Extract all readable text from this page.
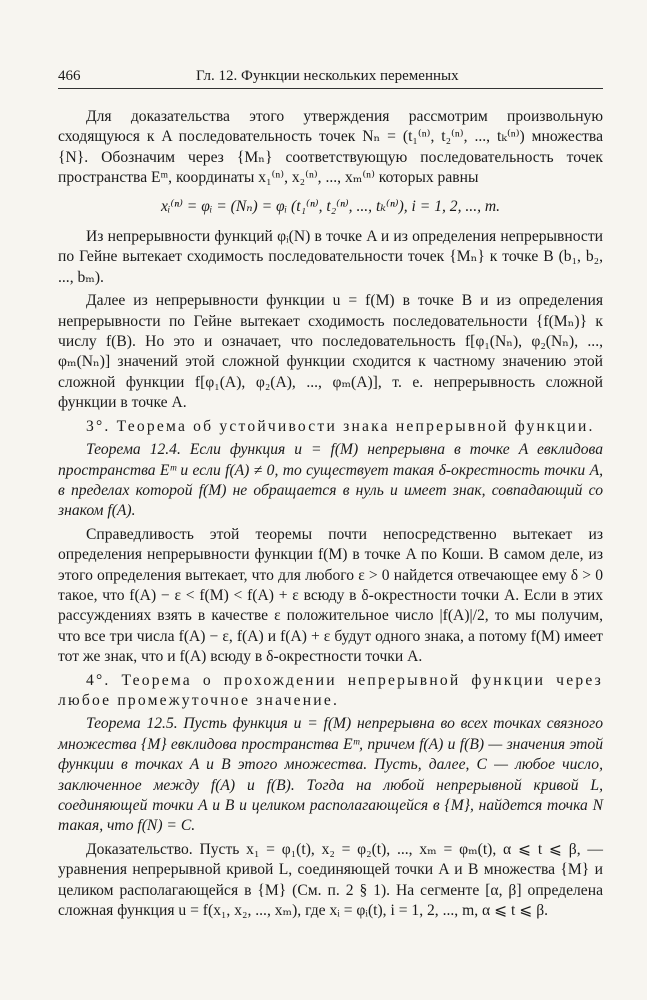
466	Гл. 12. Функции нескольких переменных

Для доказательства этого утверждения рассмотрим произвольную сходящуюся к A последовательность точек Nₙ = (t₁⁽ⁿ⁾, t₂⁽ⁿ⁾, ..., tₖ⁽ⁿ⁾) множества {N}. Обозначим через {Mₙ} соответствующую последовательность точек пространства Eᵐ, координаты x₁⁽ⁿ⁾, x₂⁽ⁿ⁾, ..., xₘ⁽ⁿ⁾ которых равны

xᵢ⁽ⁿ⁾ = φᵢ = (Nₙ) = φᵢ (t₁⁽ⁿ⁾, t₂⁽ⁿ⁾, ..., tₖ⁽ⁿ⁾), i = 1, 2, ..., m.

Из непрерывности функций φᵢ(N) в точке A и из определения непрерывности по Гейне вытекает сходимость последовательности точек {Mₙ} к точке B (b₁, b₂, ..., bₘ).

Далее из непрерывности функции u = f(M) в точке B и из определения непрерывности по Гейне вытекает сходимость последовательности {f(Mₙ)} к числу f(B). Но это и означает, что последовательность f[φ₁(Nₙ), φ₂(Nₙ), ..., φₘ(Nₙ)] значений этой сложной функции сходится к частному значению этой сложной функции f[φ₁(A), φ₂(A), ..., φₘ(A)], т. е. непрерывность сложной функции в точке A.

3°. Теорема об устойчивости знака непрерывной функции.

Теорема 12.4. Если функция u = f(M) непрерывна в точке A евклидова пространства Eᵐ и если f(A) ≠ 0, то существует такая δ-окрестность точки A, в пределах которой f(M) не обращается в нуль и имеет знак, совпадающий со знаком f(A).

Справедливость этой теоремы почти непосредственно вытекает из определения непрерывности функции f(M) в точке A по Коши. В самом деле, из этого определения вытекает, что для любого ε > 0 найдется отвечающее ему δ > 0 такое, что f(A) − ε < f(M) < f(A) + ε всюду в δ-окрестности точки A. Если в этих рассуждениях взять в качестве ε положительное число |f(A)|/2, то мы получим, что все три числа f(A) − ε, f(A) и f(A) + ε будут одного знака, а потому f(M) имеет тот же знак, что и f(A) всюду в δ-окрестности точки A.

4°. Теорема о прохождении непрерывной функции через любое промежуточное значение.

Теорема 12.5. Пусть функция u = f(M) непрерывна во всех точках связного множества {M} евклидова пространства Eᵐ, причем f(A) и f(B) — значения этой функции в точках A и B этого множества. Пусть, далее, C — любое число, заключенное между f(A) и f(B). Тогда на любой непрерывной кривой L, соединяющей точки A и B и целиком располагающейся в {M}, найдется точка N такая, что f(N) = C.

Доказательство. Пусть x₁ = φ₁(t), x₂ = φ₂(t), ..., xₘ = φₘ(t), α ⩽ t ⩽ β, — уравнения непрерывной кривой L, соединяющей точки A и B множества {M} и целиком располагающейся в {M} (См. п. 2 § 1). На сегменте [α, β] определена сложная функция u = f(x₁, x₂, ..., xₘ), где xᵢ = φᵢ(t), i = 1, 2, ..., m, α ⩽ t ⩽ β.
